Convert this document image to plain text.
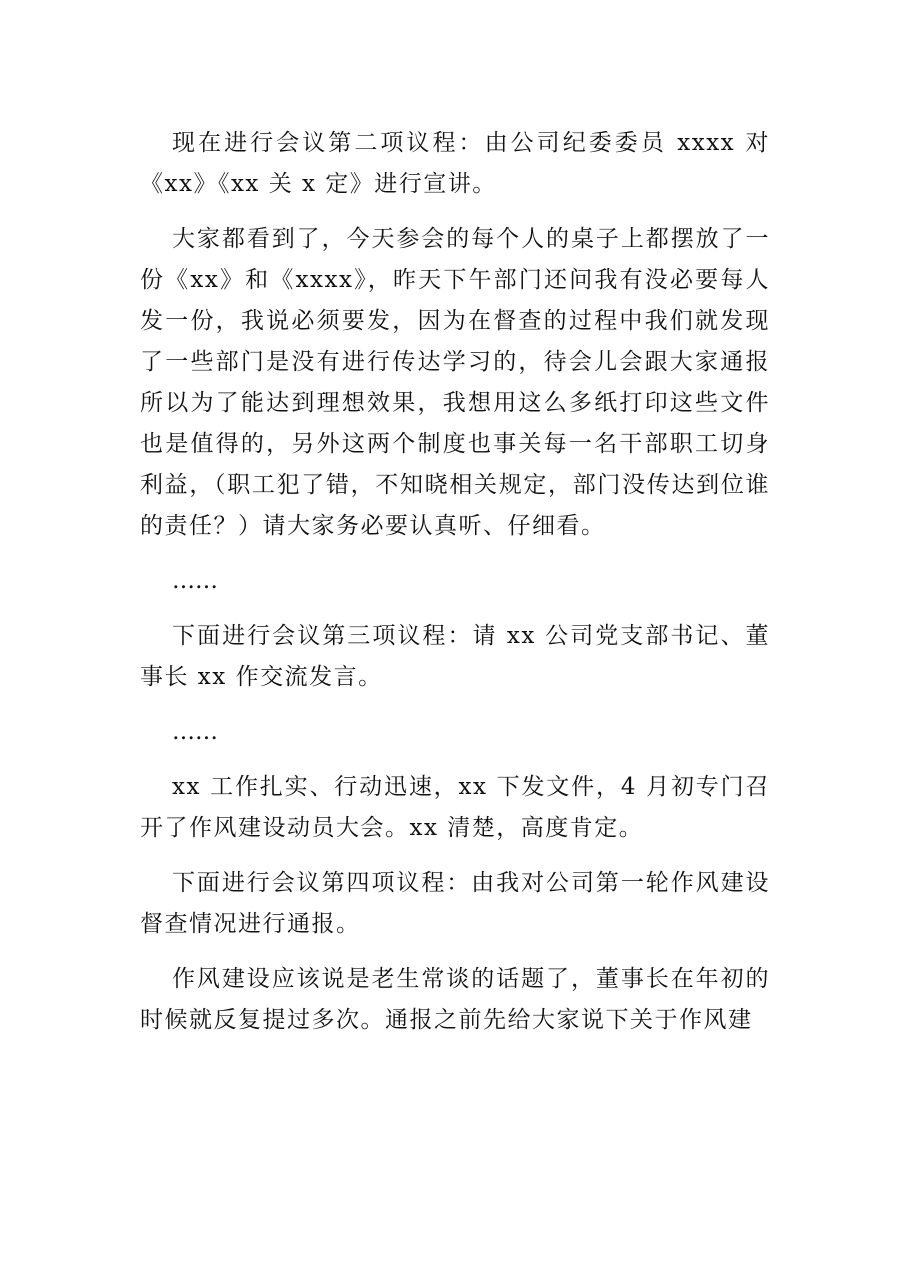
现在进行会议第二项议程：由公司纪委委员 xxxx 对《xx》《xx 关 x 定》进行宣讲。

大家都看到了，今天参会的每个人的桌子上都摆放了一份《xx》和《xxxx》，昨天下午部门还问我有没必要每人发一份，我说必须要发，因为在督查的过程中我们就发现了一些部门是没有进行传达学习的，待会儿会跟大家通报所以为了能达到理想效果，我想用这么多纸打印这些文件也是值得的，另外这两个制度也事关每一名干部职工切身利益，（职工犯了错，不知晓相关规定，部门没传达到位谁的责任？）请大家务必要认真听、仔细看。

……

下面进行会议第三项议程：请 xx 公司党支部书记、董事长 xx 作交流发言。

……

xx 工作扎实、行动迅速，xx 下发文件，4 月初专门召开了作风建设动员大会。xx 清楚，高度肯定。

下面进行会议第四项议程：由我对公司第一轮作风建设督查情况进行通报。

作风建设应该说是老生常谈的话题了，董事长在年初的时候就反复提过多次。通报之前先给大家说下关于作风建
